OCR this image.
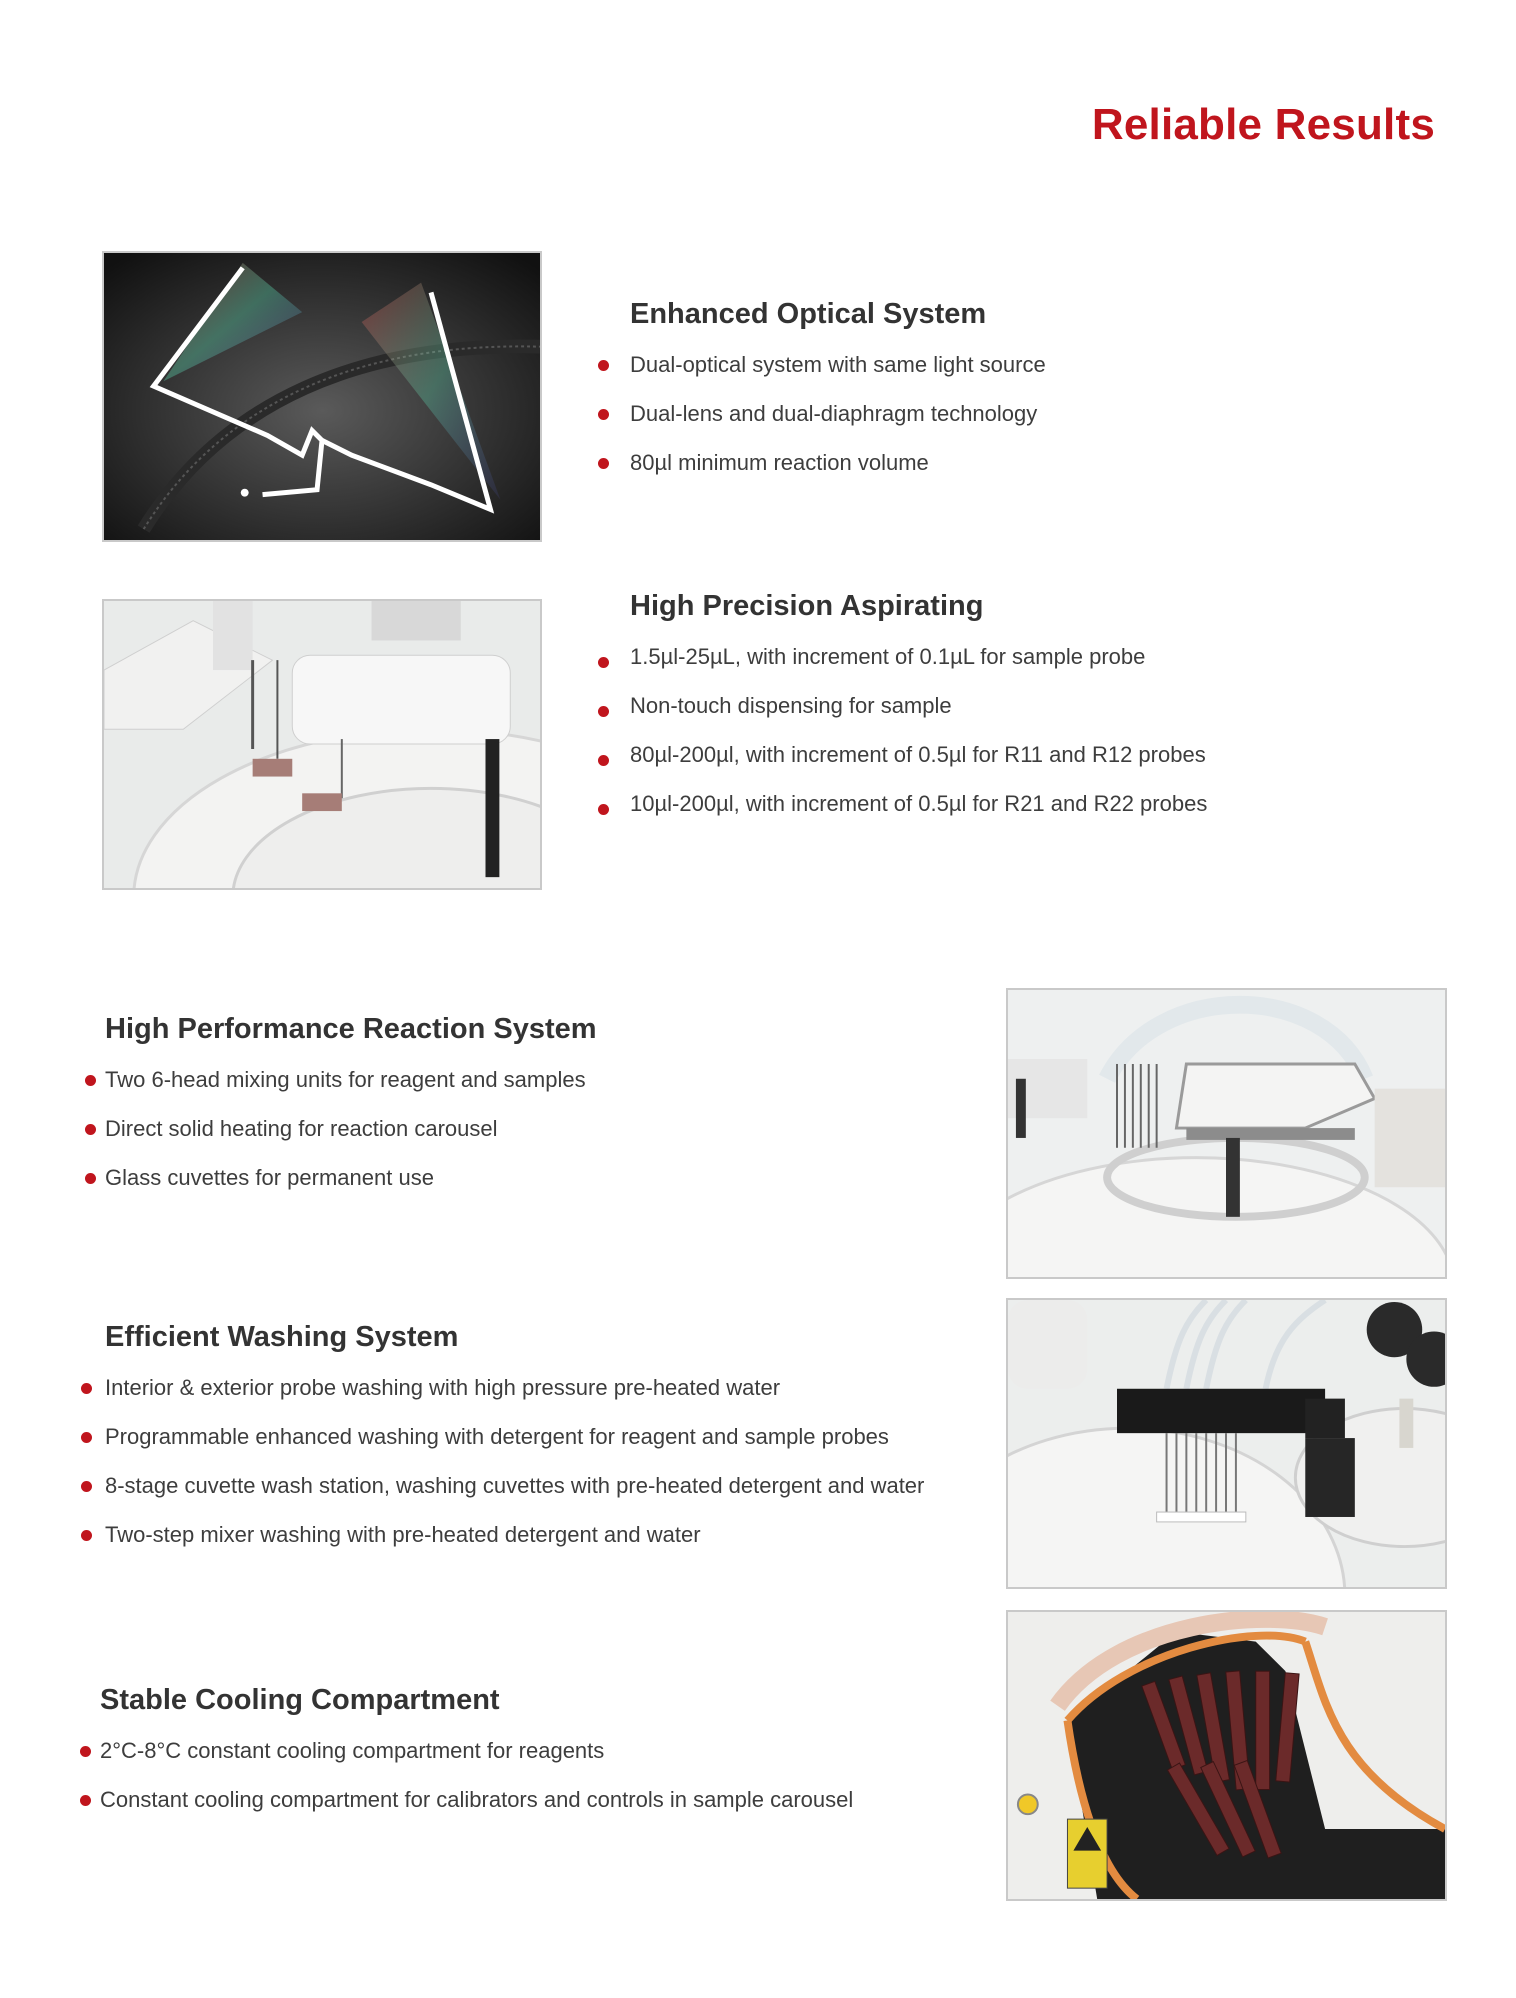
Reliable Results
Enhanced Optical System
Dual-optical system with same light source
Dual-lens and dual-diaphragm technology
80µl minimum reaction volume
High Precision Aspirating
1.5µl-25µL, with increment of 0.1µL for sample probe
Non-touch dispensing for sample
80µl-200µl, with increment of 0.5µl for R11 and R12 probes
10µl-200µl, with increment of 0.5µl for R21 and R22 probes
High Performance Reaction System
Two 6-head mixing units for reagent and samples
Direct solid heating for reaction carousel
Glass cuvettes for permanent use
Efficient Washing System
Interior & exterior probe washing with high pressure pre-heated water
Programmable enhanced washing with detergent for reagent and sample probes
8-stage cuvette wash station, washing cuvettes with pre-heated detergent and water
Two-step mixer washing with pre-heated detergent and water
Stable Cooling Compartment
2°C-8°C constant cooling compartment for reagents
Constant cooling compartment for calibrators and controls in sample carousel
